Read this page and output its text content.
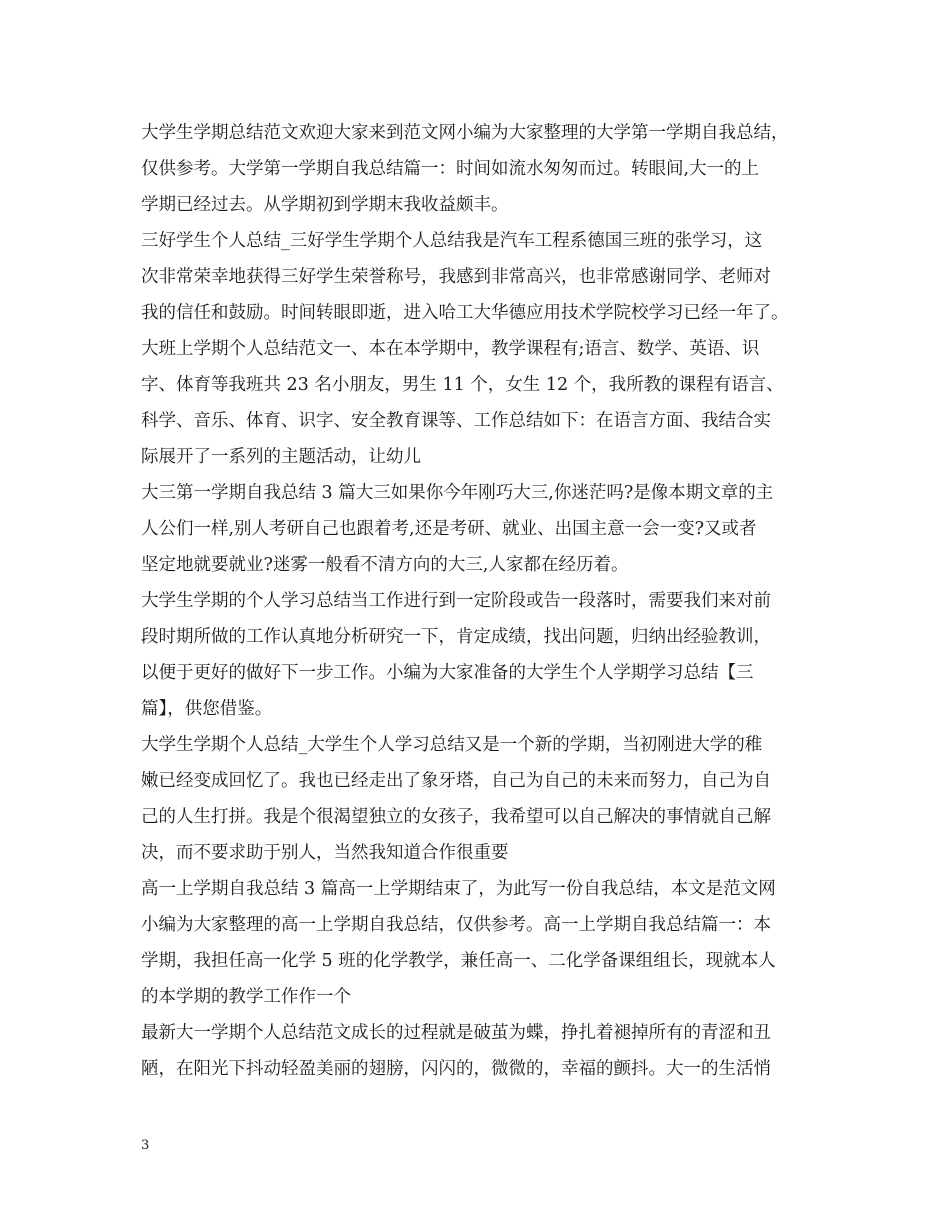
大学生学期总结范文欢迎大家来到范文网小编为大家整理的大学第一学期自我总结，
仅供参考。大学第一学期自我总结篇一：时间如流水匆匆而过。转眼间,大一的上
学期已经过去。从学期初到学期末我收益颇丰。
三好学生个人总结_三好学生学期个人总结我是汽车工程系德国三班的张学习，这
次非常荣幸地获得三好学生荣誉称号，我感到非常高兴，也非常感谢同学、老师对
我的信任和鼓励。时间转眼即逝，进入哈工大华德应用技术学院校学习已经一年了。
大班上学期个人总结范文一、本在本学期中，教学课程有;语言、数学、英语、识
字、体育等我班共 23 名小朋友，男生 11 个，女生 12 个，我所教的课程有语言、
科学、音乐、体育、识字、安全教育课等、工作总结如下：在语言方面、我结合实
际展开了一系列的主题活动，让幼儿
大三第一学期自我总结 3 篇大三如果你今年刚巧大三,你迷茫吗?是像本期文章的主
人公们一样,别人考研自己也跟着考,还是考研、就业、出国主意一会一变?又或者
坚定地就要就业?迷雾一般看不清方向的大三,人家都在经历着。
大学生学期的个人学习总结当工作进行到一定阶段或告一段落时，需要我们来对前
段时期所做的工作认真地分析研究一下，肯定成绩，找出问题，归纳出经验教训，
以便于更好的做好下一步工作。小编为大家准备的大学生个人学期学习总结【三
篇】，供您借鉴。
大学生学期个人总结_大学生个人学习总结又是一个新的学期，当初刚进大学的稚
嫩已经变成回忆了。我也已经走出了象牙塔，自己为自己的未来而努力，自己为自
己的人生打拼。我是个很渴望独立的女孩子，我希望可以自己解决的事情就自己解
决，而不要求助于别人，当然我知道合作很重要
高一上学期自我总结 3 篇高一上学期结束了，为此写一份自我总结，本文是范文网
小编为大家整理的高一上学期自我总结，仅供参考。高一上学期自我总结篇一：本
学期，我担任高一化学 5 班的化学教学，兼任高一、二化学备课组组长，现就本人
的本学期的教学工作作一个
最新大一学期个人总结范文成长的过程就是破茧为蝶，挣扎着褪掉所有的青涩和丑
陋，在阳光下抖动轻盈美丽的翅膀，闪闪的，微微的，幸福的颤抖。大一的生活悄
3
